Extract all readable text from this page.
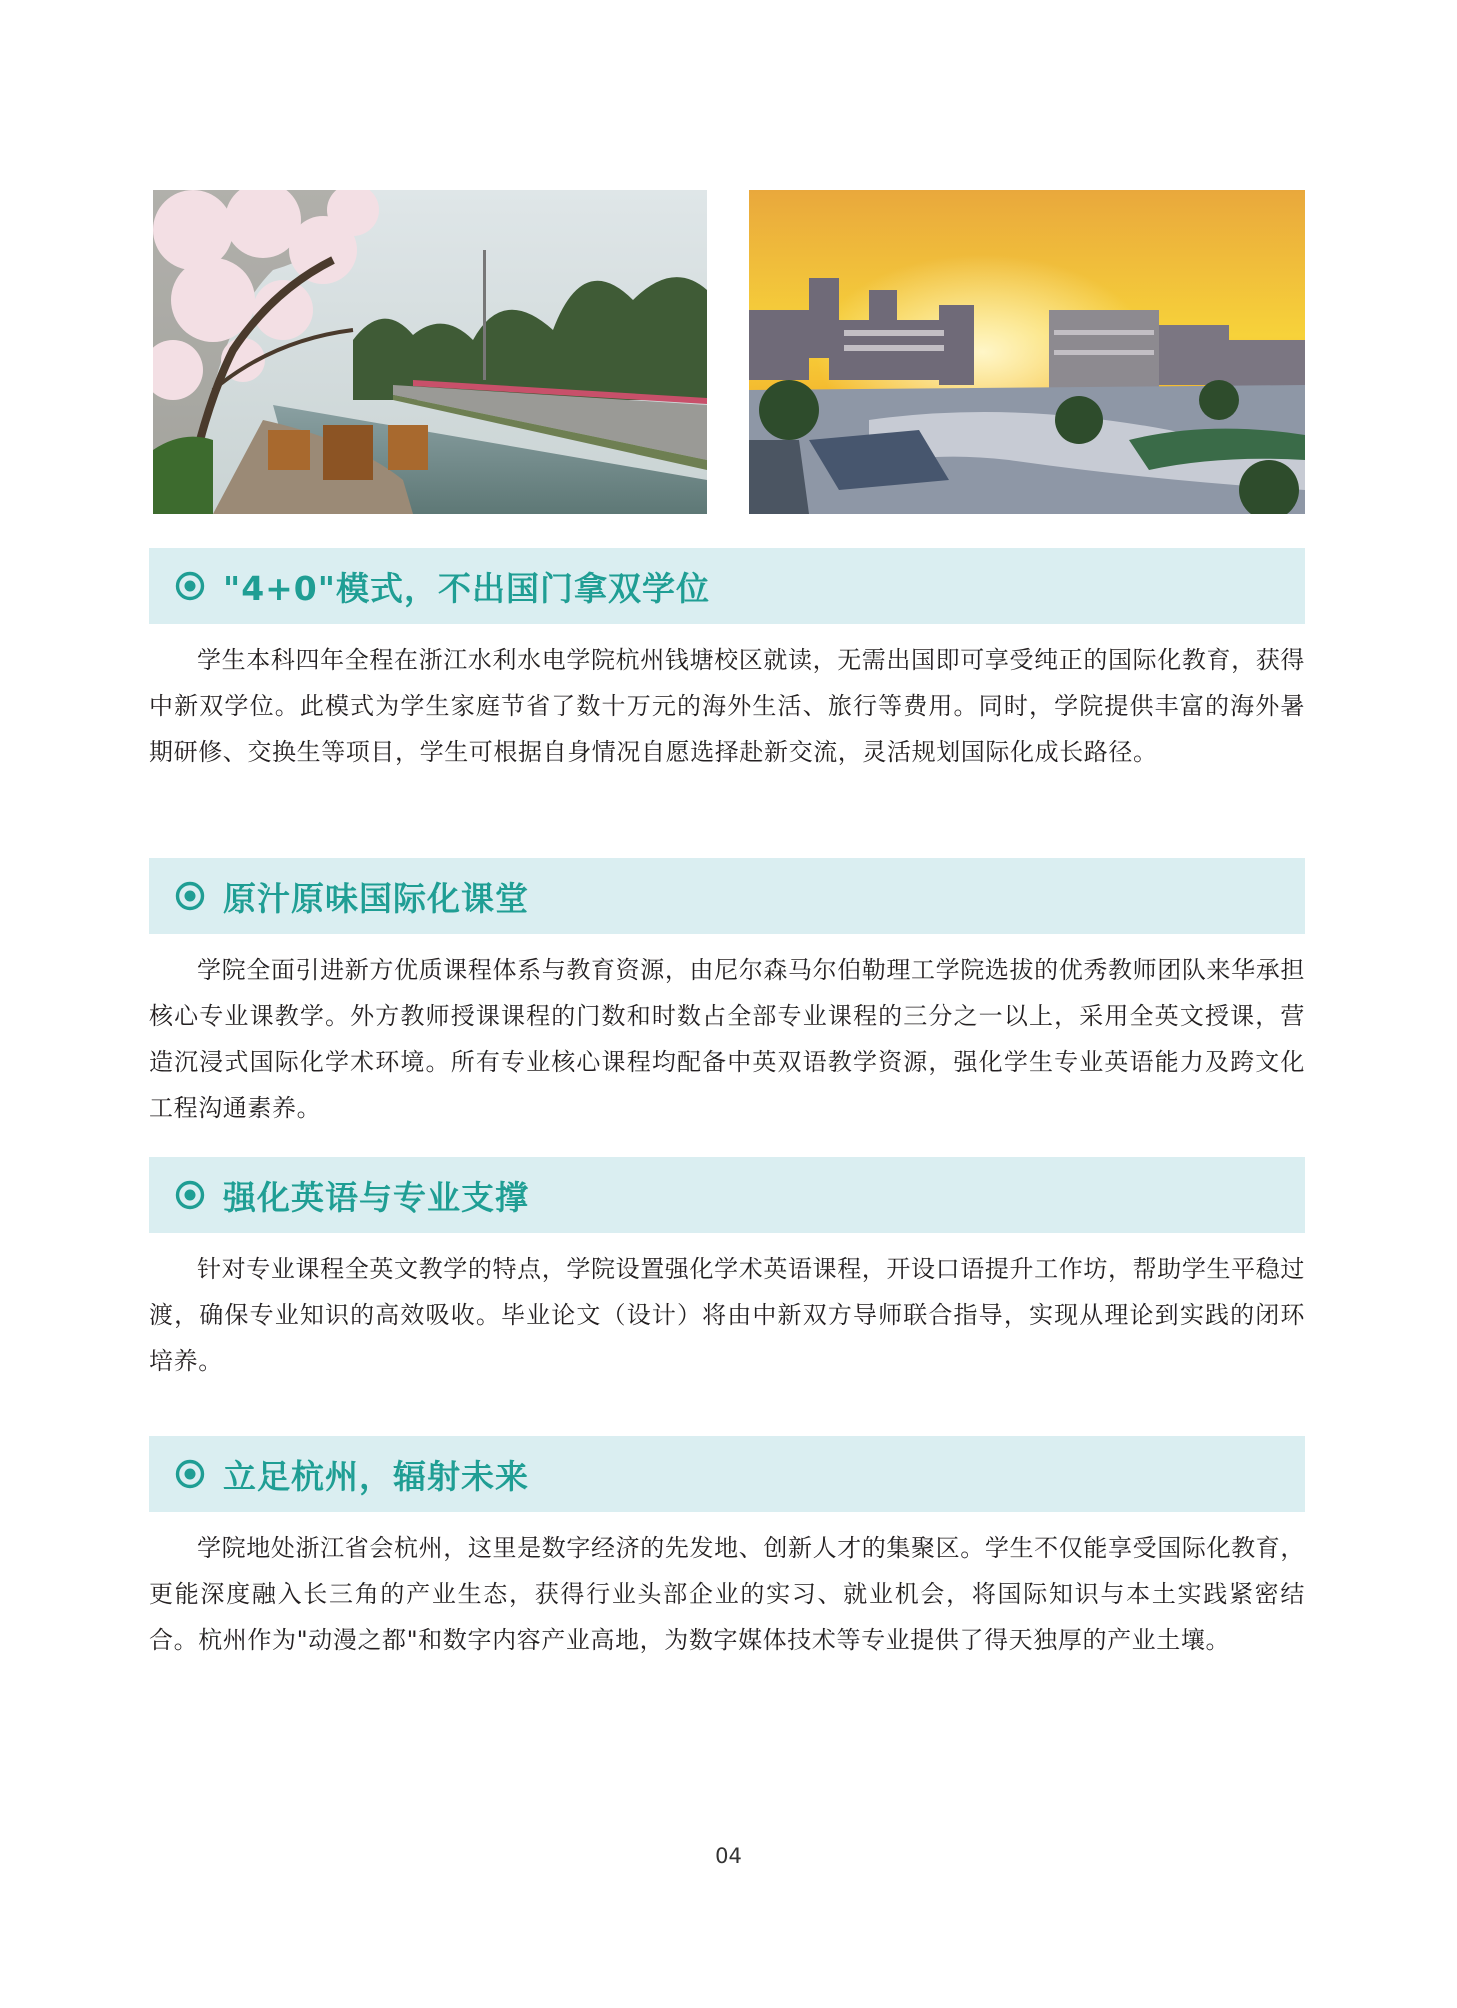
"4+0"模式，不出国门拿双学位
学生本科四年全程在浙江水利水电学院杭州钱塘校区就读，无需出国即可享受纯正的国际化教育，获得中新双学位。此模式为学生家庭节省了数十万元的海外生活、旅行等费用。同时，学院提供丰富的海外暑期研修、交换生等项目，学生可根据自身情况自愿选择赴新交流，灵活规划国际化成长路径。
原汁原味国际化课堂
学院全面引进新方优质课程体系与教育资源，由尼尔森马尔伯勒理工学院选拔的优秀教师团队来华承担核心专业课教学。外方教师授课课程的门数和时数占全部专业课程的三分之一以上，采用全英文授课，营造沉浸式国际化学术环境。所有专业核心课程均配备中英双语教学资源，强化学生专业英语能力及跨文化工程沟通素养。
强化英语与专业支撑
针对专业课程全英文教学的特点，学院设置强化学术英语课程，开设口语提升工作坊，帮助学生平稳过渡，确保专业知识的高效吸收。毕业论文（设计）将由中新双方导师联合指导，实现从理论到实践的闭环培养。
立足杭州，辐射未来
学院地处浙江省会杭州，这里是数字经济的先发地、创新人才的集聚区。学生不仅能享受国际化教育，更能深度融入长三角的产业生态，获得行业头部企业的实习、就业机会，将国际知识与本土实践紧密结合。杭州作为"动漫之都"和数字内容产业高地，为数字媒体技术等专业提供了得天独厚的产业土壤。
04
